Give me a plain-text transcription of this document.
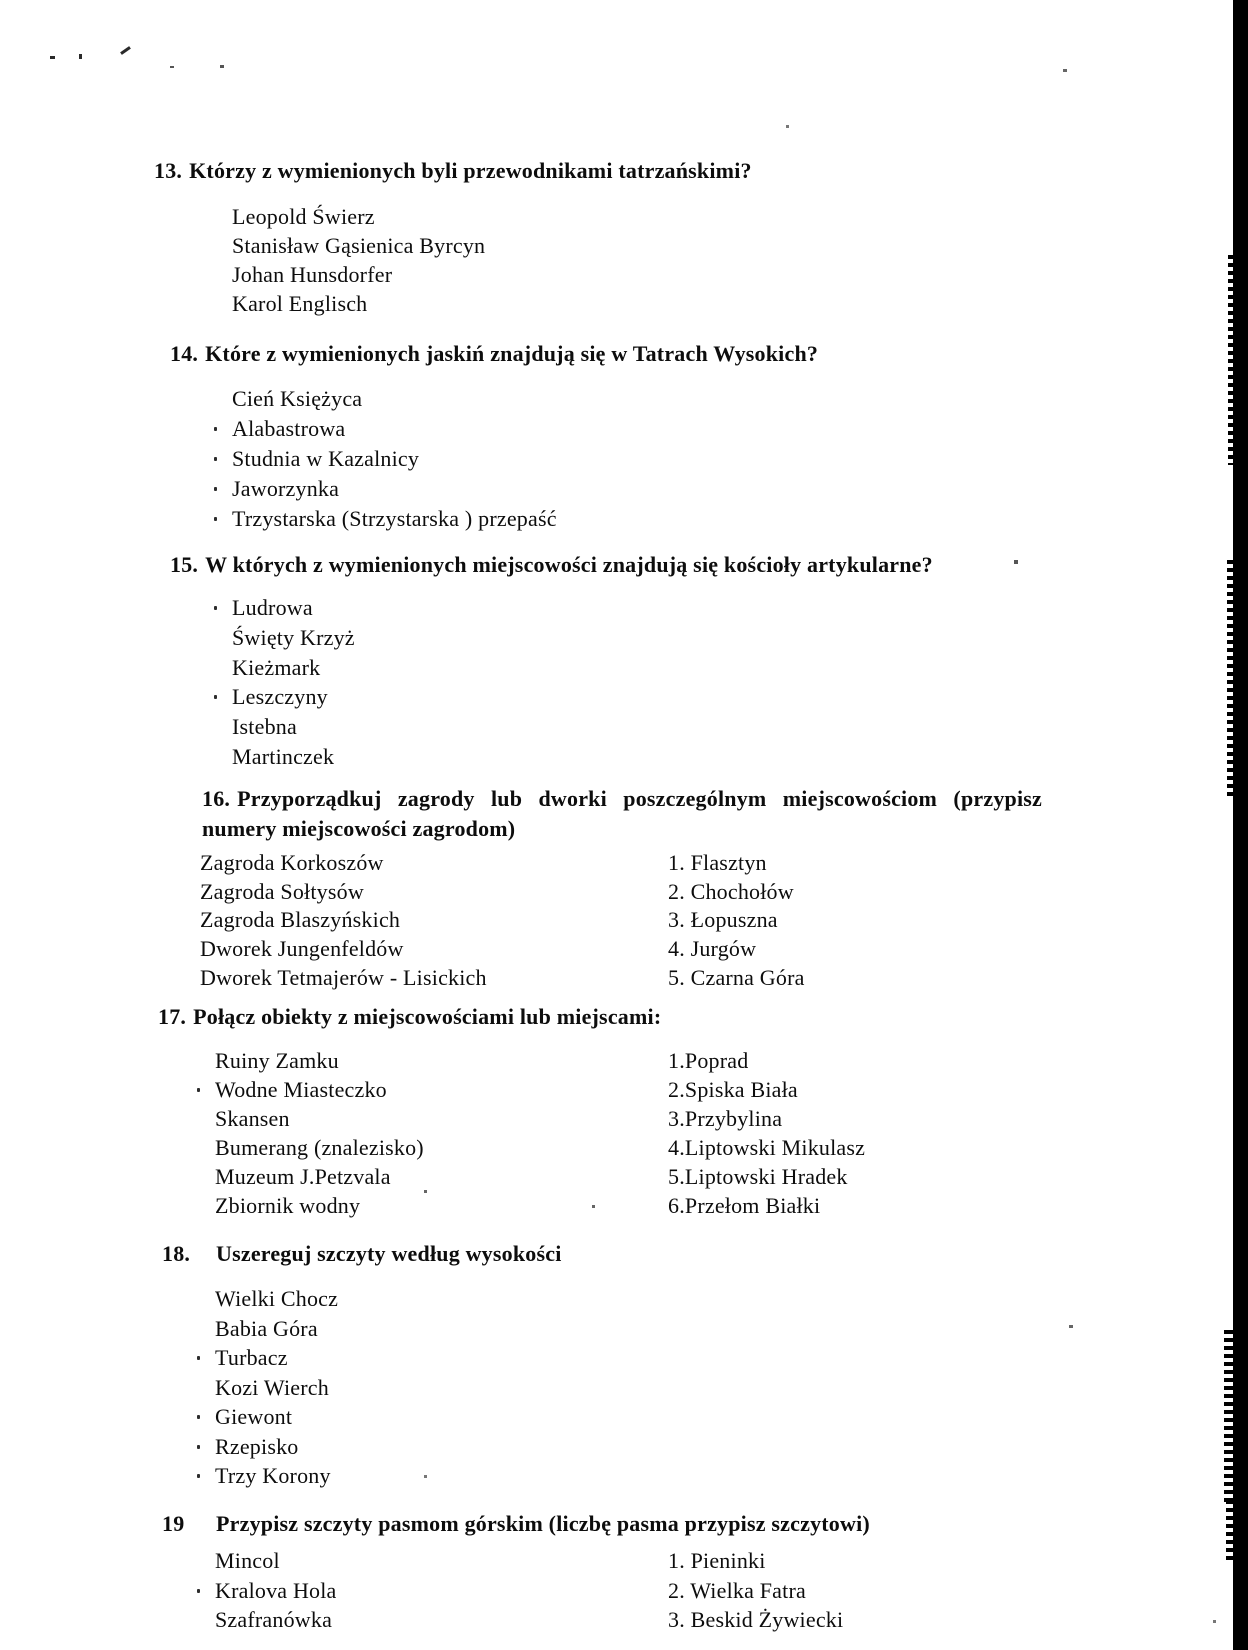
13. Którzy z wymienionych byli przewodnikami tatrzańskimi?
Leopold Świerz
Stanisław Gąsienica Byrcyn
Johan Hunsdorfer
Karol Englisch
14. Które z wymienionych jaskiń znajdują się w Tatrach Wysokich?
Cień Księżyca
Alabastrowa
Studnia w Kazalnicy
Jaworzynka
Trzystarska (Strzystarska ) przepaść
15. W których z wymienionych miejscowości znajdują się kościoły artykularne?
Ludrowa
Święty Krzyż
Kieżmark
Leszczyny
Istebna
Martinczek
16. Przyporządkuj zagrody lub dworki poszczególnym miejscowościom (przypisz numery miejscowości zagrodom)
Zagroda Korkoszów
Zagroda Sołtysów
Zagroda Blaszyńskich
Dworek Jungenfeldów
Dworek Tetmajerów - Lisickich
1. Flasztyn
2. Chochołów
3. Łopuszna
4. Jurgów
5. Czarna Góra
17. Połącz obiekty z miejscowościami lub miejscami:
Ruiny Zamku
Wodne Miasteczko
Skansen
Bumerang (znalezisko)
Muzeum J.Petzvala
Zbiornik wodny
1.Poprad
2.Spiska Biała
3.Przybylina
4.Liptowski Mikulasz
5.Liptowski Hradek
6.Przełom Białki
18. Uszereguj szczyty według wysokości
Wielki Chocz
Babia Góra
Turbacz
Kozi Wierch
Giewont
Rzepisko
Trzy Korony
19 Przypisz szczyty pasmom górskim (liczbę pasma przypisz szczytowi)
Mincol
Kralova Hola
Szafranówka
1. Pieninki
2. Wielka Fatra
3. Beskid Żywiecki
